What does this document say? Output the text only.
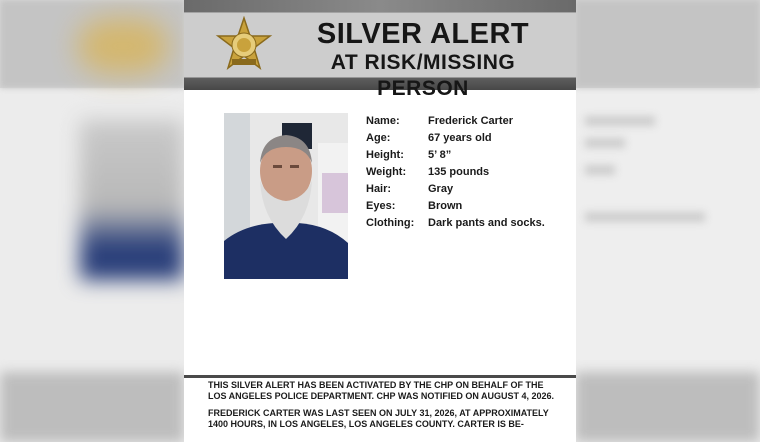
SILVER ALERT
AT RISK/MISSING PERSON
Name:	Frederick Carter
Age:	67 years old
Height:	5’ 8”
Weight:	135 pounds
Hair:	Gray
Eyes:	Brown
Clothing:	Dark pants and socks.

THIS SILVER ALERT HAS BEEN ACTIVATED BY THE CHP ON BEHALF OF THE LOS ANGELES POLICE DEPARTMENT. CHP WAS NOTIFIED ON AUGUST 4, 2026.

FREDERICK CARTER WAS LAST SEEN ON JULY 31, 2026, AT APPROXIMATELY 1400 HOURS, IN LOS ANGELES, LOS ANGELES COUNTY. CARTER IS BE-
